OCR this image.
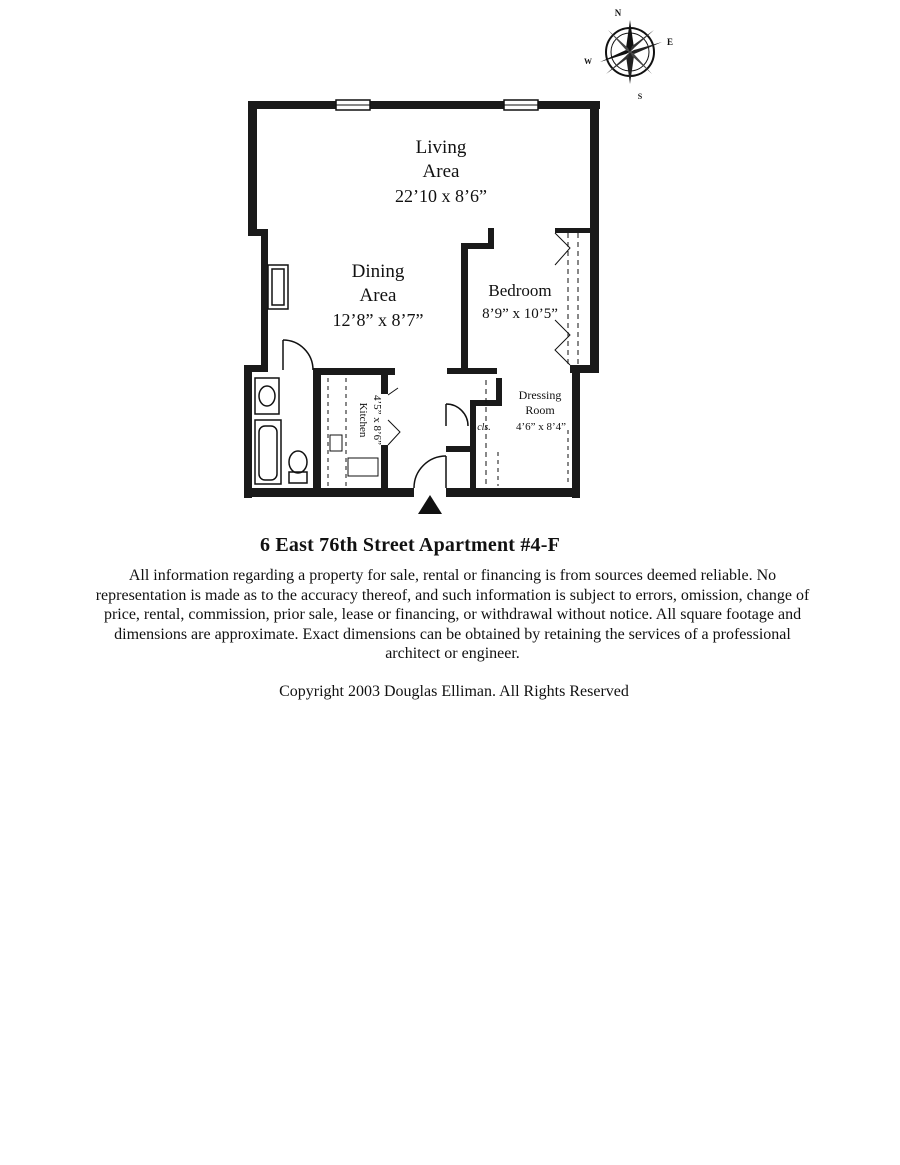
N
E
S
W
Living
Area
22’10 x 8’6”
Dining
Area
12’8” x 8’7”
Bedroom
8’9” x 10’5”
Dressing
Room
4’6” x 8’4”
cls.
Kitchen 4’5” x 8’6”
6 East 76th Street Apartment #4-F
All information regarding a property for sale, rental or financing is from sources deemed reliable. No representation is made as to the accuracy thereof, and such information is subject to errors, omission, change of price, rental, commission, prior sale, lease or financing, or withdrawal without notice. All square footage and dimensions are approximate. Exact dimensions can be obtained by retaining the services of a professional architect or engineer.
Copyright 2003 Douglas Elliman. All Rights Reserved
